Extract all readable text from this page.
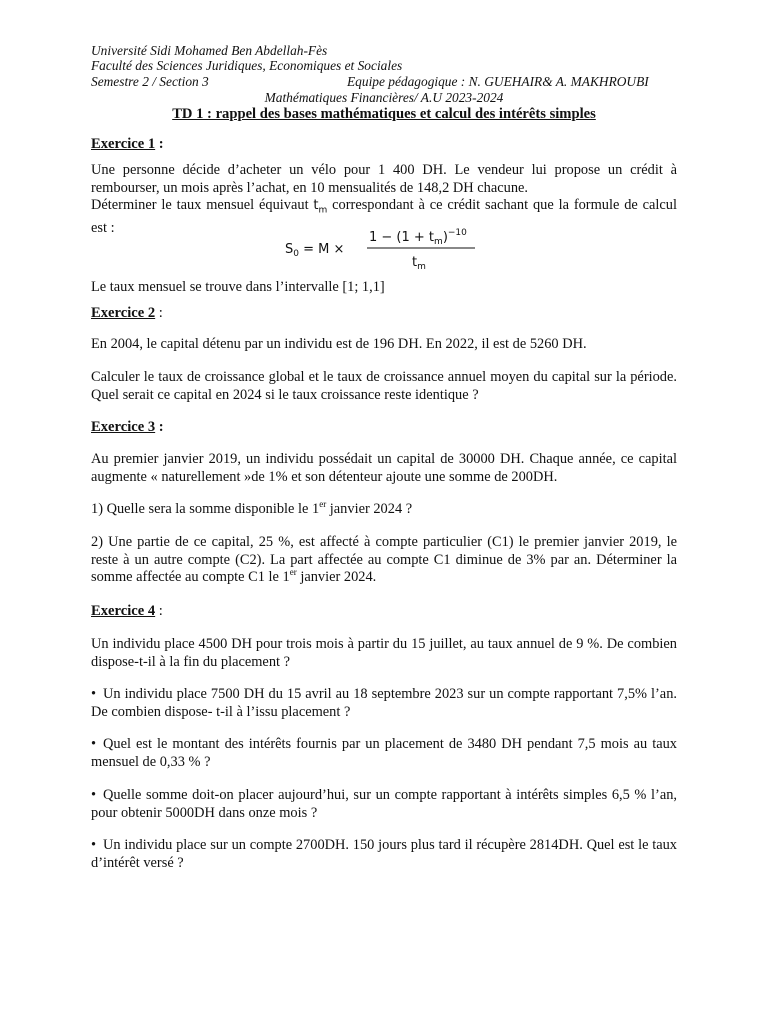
Université Sidi Mohamed Ben Abdellah-Fès
Faculté des Sciences Juridiques, Economiques et Sociales
Semestre 2 / Section 3	Equipe pédagogique : N. GUEHAIR& A. MAKHROUBI
Mathématiques Financières/ A.U 2023-2024
TD 1 : rappel des bases mathématiques et calcul des intérêts simples
Exercice 1 :
Une personne décide d’acheter un vélo pour 1 400 DH. Le vendeur lui propose un crédit à rembourser, un mois après l’achat, en 10 mensualités de 148,2 DH chacune.
Déterminer le taux mensuel équivaut $t_m$ correspondant à ce crédit sachant que la formule de calcul est :
$S_0 = M$ ×
$1 - (1 + t_m)^{-10}$
$t_m$
Le taux mensuel se trouve dans l’intervalle [1; 1,1]
Exercice 2 :
En 2004, le capital détenu par un individu est de 196 DH. En 2022, il est de 5260 DH.
Calculer le taux de croissance global et le taux de croissance annuel moyen du capital sur la période. Quel serait ce capital en 2024 si le taux croissance reste identique ?
Exercice 3 :
Au premier janvier 2019, un individu possédait un capital de 30000 DH. Chaque année, ce capital augmente « naturellement »de 1% et son détenteur ajoute une somme de 200DH.
1) Quelle sera la somme disponible le 1er janvier 2024 ?
2) Une partie de ce capital, 25 %, est affecté à compte particulier (C1) le premier janvier 2019, le reste à un autre compte (C2). La part affectée au compte C1 diminue de 3% par an. Déterminer la somme affectée au compte C1 le 1er janvier 2024.
Exercice 4 :
Un individu place 4500 DH pour trois mois à partir du 15 juillet, au taux annuel de 9 %. De combien dispose-t-il à la fin du placement ?
• Un individu place 7500 DH du 15 avril au 18 septembre 2023 sur un compte rapportant 7,5% l’an. De combien dispose- t-il à l’issu placement ?
• Quel est le montant des intérêts fournis par un placement de 3480 DH pendant 7,5 mois au taux mensuel de 0,33 % ?
• Quelle somme doit-on placer aujourd’hui, sur un compte rapportant à intérêts simples 6,5 % l’an, pour obtenir 5000DH dans onze mois ?
• Un individu place sur un compte 2700DH. 150 jours plus tard il récupère 2814DH. Quel est le taux d’intérêt versé ?
